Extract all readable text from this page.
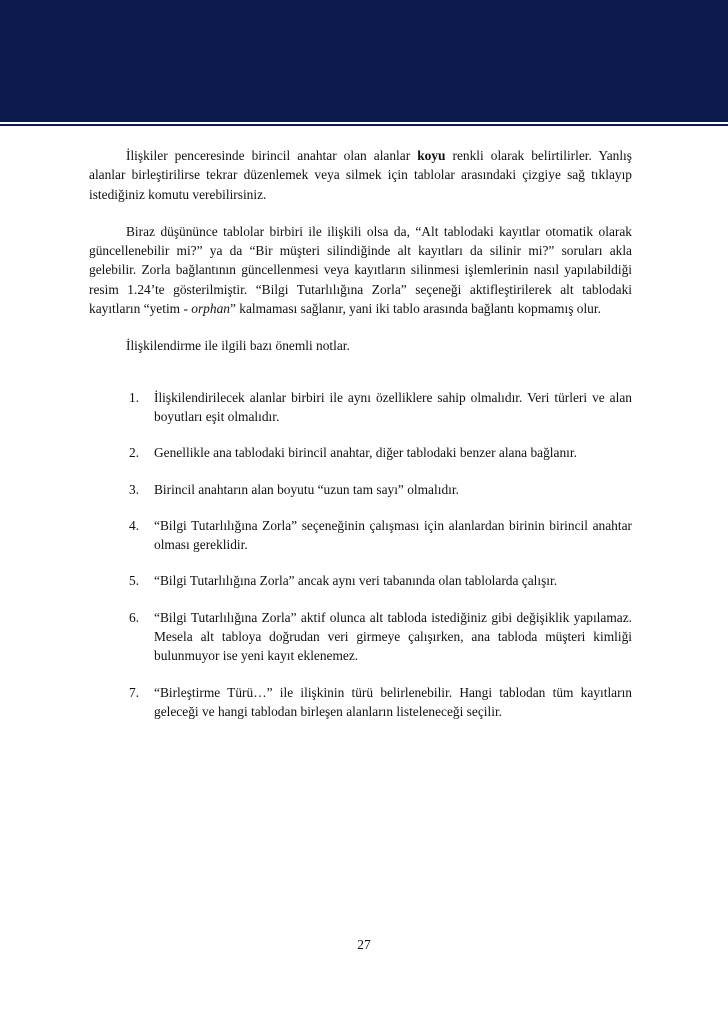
İlişkiler penceresinde birincil anahtar olan alanlar koyu renkli olarak belirtilirler. Yanlış alanlar birleştirilirse tekrar düzenlemek veya silmek için tablolar arasındaki çizgiye sağ tıklayıp istediğiniz komutu verebilirsiniz.

Biraz düşününce tablolar birbiri ile ilişkili olsa da, “Alt tablodaki kayıtlar otomatik olarak güncellenebilir mi?” ya da “Bir müşteri silindiğinde alt kayıtları da silinir mi?” soruları akla gelebilir. Zorla bağlantının güncellenmesi veya kayıtların silinmesi işlemlerinin nasıl yapılabildiği resim 1.24’te gösterilmiştir. “Bilgi Tutarlılığına Zorla” seçeneği aktifleştirilerek alt tablodaki kayıtların “yetim - orphan” kalmaması sağlanır, yani iki tablo arasında bağlantı kopmamış olur.

İlişkilendirme ile ilgili bazı önemli notlar.

1. İlişkilendirilecek alanlar birbiri ile aynı özelliklere sahip olmalıdır. Veri türleri ve alan boyutları eşit olmalıdır.
2. Genellikle ana tablodaki birincil anahtar, diğer tablodaki benzer alana bağlanır.
3. Birincil anahtarın alan boyutu “uzun tam sayı” olmalıdır.
4. “Bilgi Tutarlılığına Zorla” seçeneğinin çalışması için alanlardan birinin birincil anahtar olması gereklidir.
5. “Bilgi Tutarlılığına Zorla” ancak aynı veri tabanında olan tablolarda çalışır.
6. “Bilgi Tutarlılığına Zorla” aktif olunca alt tabloda istediğiniz gibi değişiklik yapılamaz. Mesela alt tabloya doğrudan veri girmeye çalışırken, ana tabloda müşteri kimliği bulunmuyor ise yeni kayıt eklenemez.
7. “Birleştirme Türü…” ile ilişkinin türü belirlenebilir. Hangi tablodan tüm kayıtların geleceği ve hangi tablodan birleşen alanların listeleneceği seçilir.
27
